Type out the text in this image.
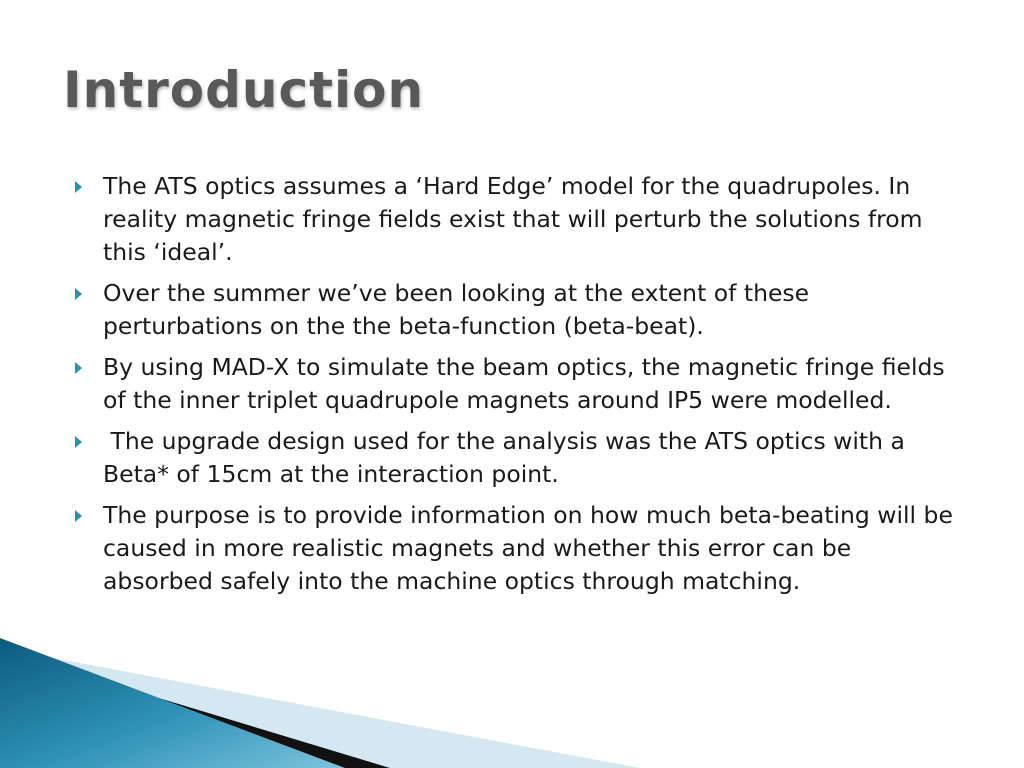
Introduction
The ATS optics assumes a ‘Hard Edge’ model for the quadrupoles. In reality magnetic fringe fields exist that will perturb the solutions from this ‘ideal’.
Over the summer we’ve been looking at the extent of these perturbations on the the beta-function (beta-beat).
By using MAD-X to simulate the beam optics, the magnetic fringe fields of the inner triplet quadrupole magnets around IP5 were modelled.
The upgrade design used for the analysis was the ATS optics with a Beta* of 15cm at the interaction point.
The purpose is to provide information on how much beta-beating will be caused in more realistic magnets and whether this error can be absorbed safely into the machine optics through matching.
